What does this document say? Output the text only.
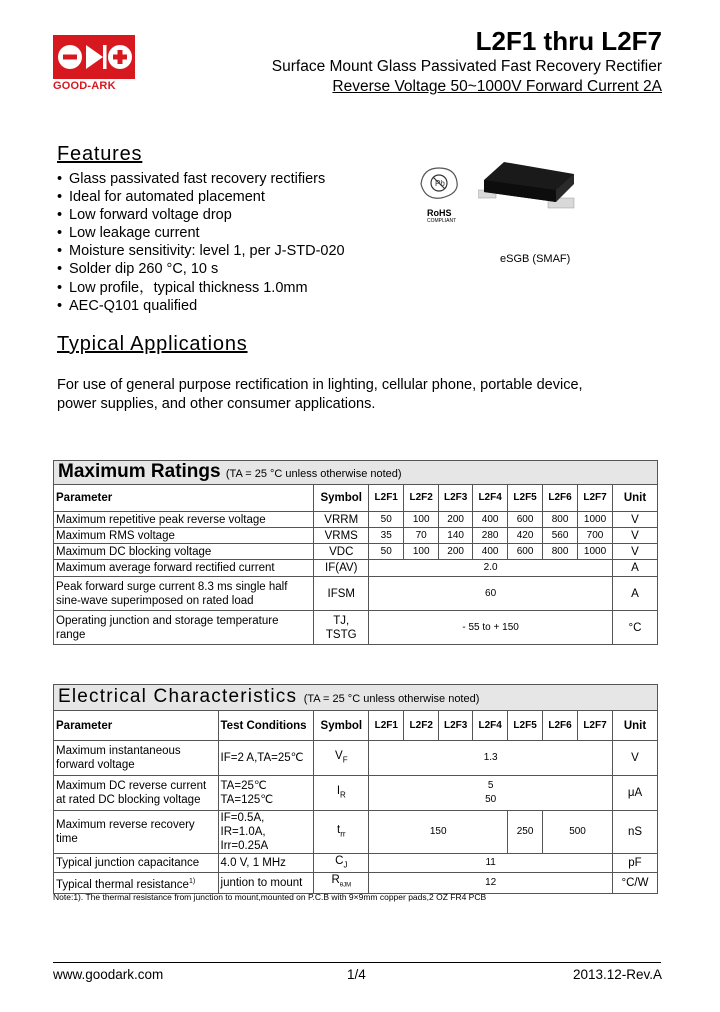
GOOD-ARK
L2F1 thru L2F7
Surface Mount Glass Passivated Fast Recovery Rectifier
Reverse Voltage 50~1000V Forward Current 2A
Features
• Glass passivated fast recovery rectifiers
• Ideal for automated placement
• Low forward voltage drop
• Low leakage current
• Moisture sensitivity: level 1, per J-STD-020
• Solder dip 260 °C, 10 s
• Low profile，typical thickness 1.0mm
• AEC-Q101 qualified
Pb
RoHS
COMPLIANT
eSGB (SMAF)
Typical Applications
For use of general purpose rectification in lighting, cellular phone, portable device, power supplies, and other consumer applications.
Maximum Ratings (TA = 25 °C unless otherwise noted)									
Parameter	Symbol	L2F1	L2F2	L2F3	L2F4	L2F5	L2F6	L2F7	Unit
Maximum repetitive peak reverse voltage	VRRM	50	100	200	400	600	800	1000	V
Maximum RMS voltage	VRMS	35	70	140	280	420	560	700	V
Maximum DC blocking voltage	VDC	50	100	200	400	600	800	1000	V
Maximum average forward rectified current	IF(AV)	2.0							A
Peak forward surge current 8.3 ms single half
sine-wave superimposed on rated load	IFSM	60							A
Operating junction and storage temperature
range	TJ,
TSTG	- 55 to + 150							°C
Electrical Characteristics (TA = 25 °C unless otherwise noted)										
Parameter	Test Conditions	Symbol	L2F1	L2F2	L2F3	L2F4	L2F5	L2F6	L2F7	Unit
Maximum instantaneous
forward voltage	IF=2 A,TA=25℃	$V_F$	1.3							V
Maximum DC reverse current
at rated DC blocking voltage	TA=25℃
TA=125℃	$I_R$	5
50							μA
Maximum reverse recovery
time	IF=0.5A, IR=1.0A,
Irr=0.25A	$t_{rr}$	150				250	500		nS
Typical junction capacitance	4.0 V, 1 MHz	$C_J$	11							pF
Typical thermal resistance$^{1)}$	juntion to mount	$R_{\theta JM}$	12							°C/W
Note:1). The thermal resistance from junction to mount,mounted on P.C.B with 9×9mm copper pads,2 OZ FR4 PCB
www.goodark.com	1/4	2013.12-Rev.A
